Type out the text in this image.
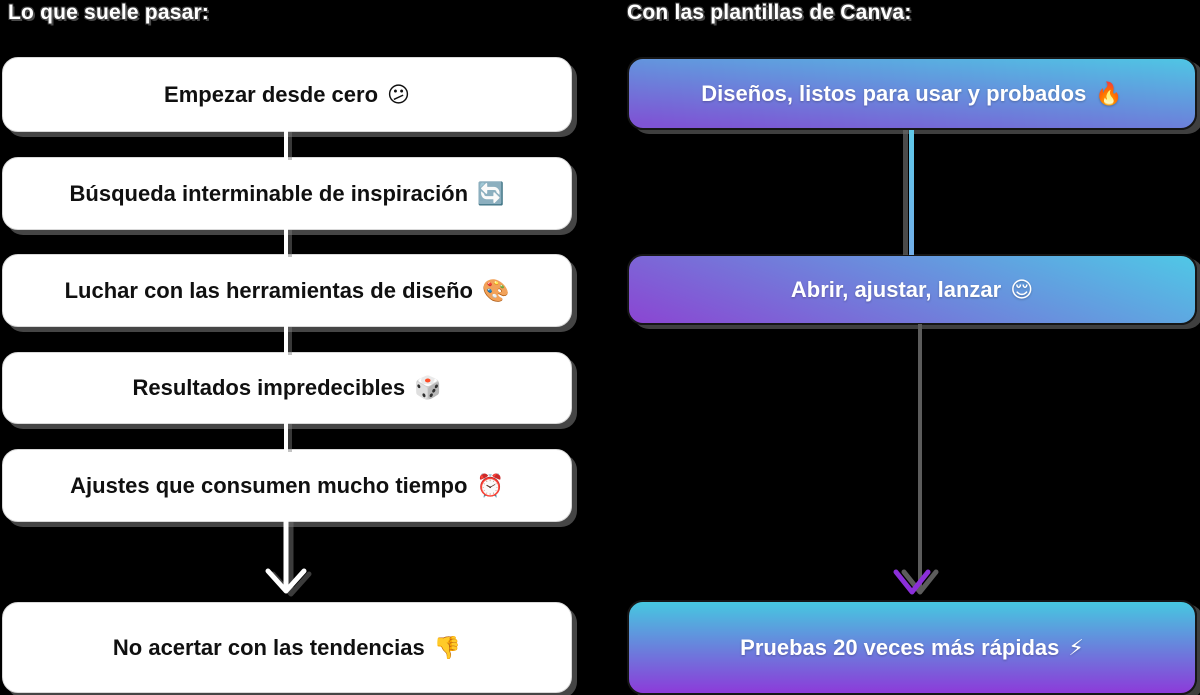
Lo que suele pasar:	Con las plantillas de Canva:
Empezar desde cero 😕
Búsqueda interminable de inspiración 🔄
Luchar con las herramientas de diseño 🎨
Resultados impredecibles 🎲
Ajustes que consumen mucho tiempo ⏰
No acertar con las tendencias 👎
Diseños, listos para usar y probados 🔥
Abrir, ajustar, lanzar 😌
Pruebas 20 veces más rápidas ⚡
